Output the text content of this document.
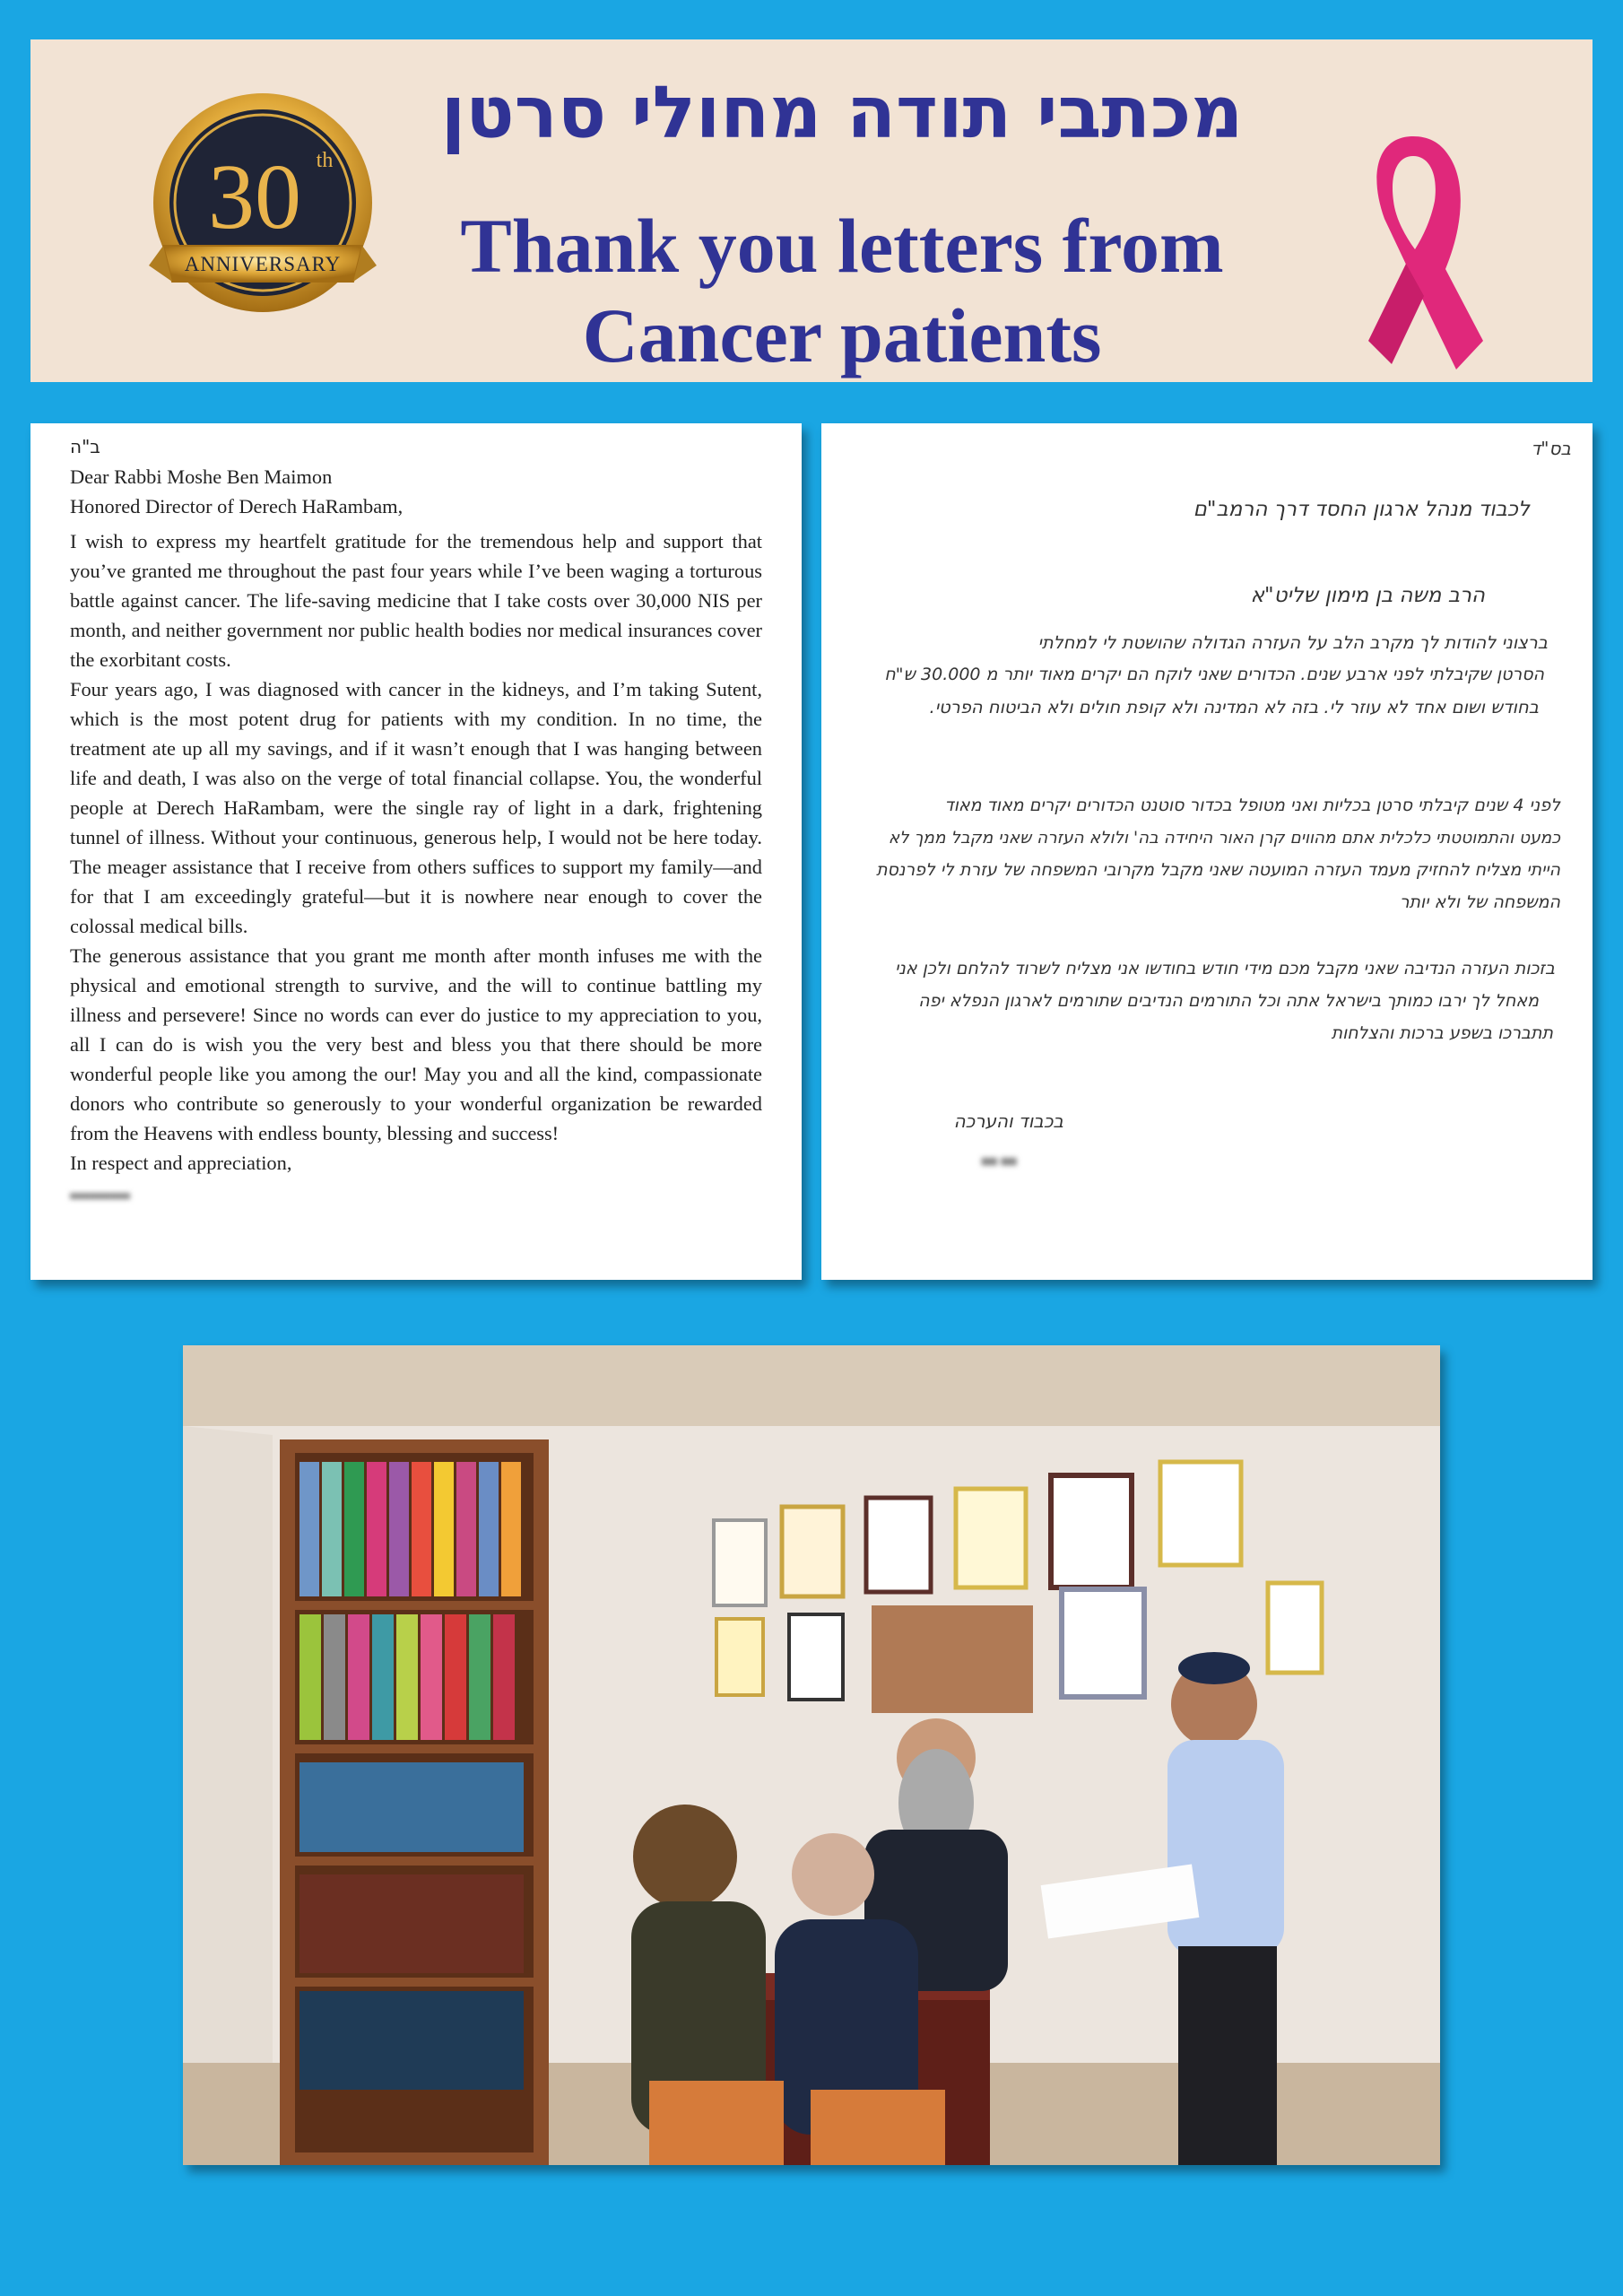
30 th
ANNIVERSARY
מכתבי תודה מחולי סרטן
Thank you letters from
Cancer patients

ב"ה

Dear Rabbi Moshe Ben Maimon

Honored Director of Derech HaRambam,

I wish to express my heartfelt gratitude for the tremendous help and support that you’ve granted me throughout the past four years while I’ve been waging a torturous battle against cancer. The life-saving medicine that I take costs over 30,000 NIS per month, and neither government nor public health bodies nor medical insurances cover the exorbitant costs.

Four years ago, I was diagnosed with cancer in the kidneys, and I’m taking Sutent, which is the most potent drug for patients with my condition. In no time, the treatment ate up all my savings, and if it wasn’t enough that I was hanging between life and death, I was also on the verge of total financial collapse. You, the wonderful people at Derech HaRambam, were the single ray of light in a dark, frightening tunnel of illness. Without your continuous, generous help, I would not be here today. The meager assistance that I receive from others suffices to support my family—and for that I am exceedingly grateful—but it is nowhere near enough to cover the colossal medical bills.

The generous assistance that you grant me month after month infuses me with the physical and emotional strength to survive, and the will to continue battling my illness and persevere! Since no words can ever do justice to my appreciation to you, all I can do is wish you the very best and bless you that there should be more wonderful people like you among the our! May you and all the kind, compassionate donors who contribute so generously to your wonderful organization be rewarded from the Heavens with endless bounty, blessing and success!

In respect and appreciation,

▬▬▬

בס"ד
לכבוד מנהל ארגון החסד דרך הרמב"ם
הרב משה בן מימון שליט"א
ברצוני להודות לך מקרב הלב על העזרה הגדולה שהושטת לי למחלתי
הסרטן שקיבלתי לפני ארבע שנים. הכדורים שאני לוקח הם יקרים מאוד יותר מ 30.000 ש"ח
בחודש ושום אחד לא עוזר לי. בזה לא המדינה ולא קופת חולים ולא הביטוח הפרטי.
לפני 4 שנים קיבלתי סרטן בכליות ואני מטופל בכדור סוטנט הכדורים יקרים מאוד מאוד
כמעט והתמוטטתי כלכלית אתם מהווים קרן האור היחידה בה' ולולא העזרה שאני מקבל ממך לא
הייתי מצליח להחזיק מעמד העזרה המועטה שאני מקבל מקרובי המשפחה של עזרת לי לפרנסת
המשפחה של ולא יותר
בזכות העזרה הנדיבה שאני מקבל מכם מידי חודש בחודשו אני מצליח לשרוד להלחם ולכן אני
מאחל לך ירבו כמותך בישראל אתה וכל התורמים הנדיבים שתורמים לארגון הנפלא יפה
תתברכו בשפע ברכות והצלחות
בכבוד והערכה
▬▬
